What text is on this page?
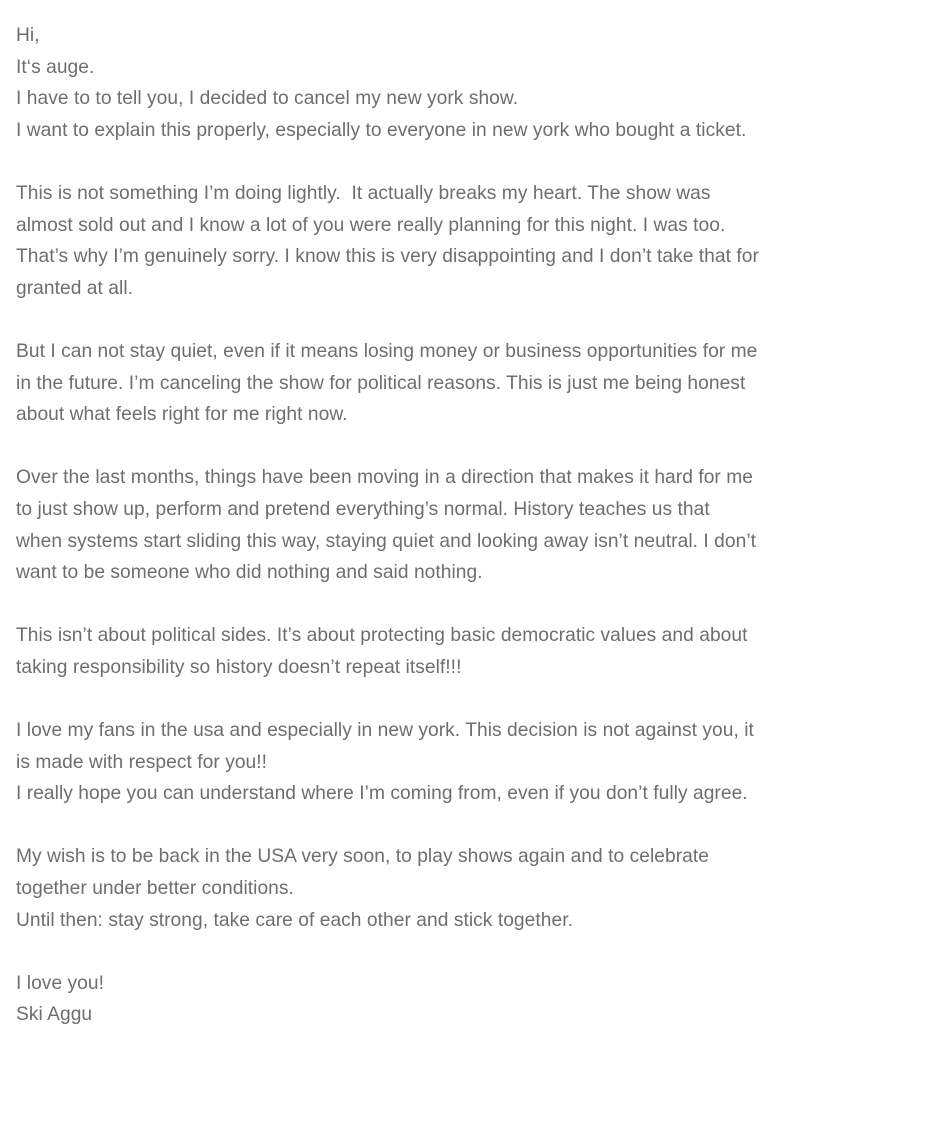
Hi,
It‘s auge.
I have to to tell you, I decided to cancel my new york show.
I want to explain this properly, especially to everyone in new york who bought a ticket.
This is not something I’m doing lightly.  It actually breaks my heart. The show was almost sold out and I know a lot of you were really planning for this night. I was too. That’s why I’m genuinely sorry. I know this is very disappointing and I don’t take that for granted at all.
But I can not stay quiet, even if it means losing money or business opportunities for me in the future. I’m canceling the show for political reasons. This is just me being honest about what feels right for me right now.
Over the last months, things have been moving in a direction that makes it hard for me to just show up, perform and pretend everything’s normal. History teaches us that when systems start sliding this way, staying quiet and looking away isn’t neutral. I don’t want to be someone who did nothing and said nothing.
This isn’t about political sides. It’s about protecting basic democratic values and about taking responsibility so history doesn’t repeat itself!!!
I love my fans in the usa and especially in new york. This decision is not against you, it is made with respect for you!!
I really hope you can understand where I’m coming from, even if you don’t fully agree.
My wish is to be back in the USA very soon, to play shows again and to celebrate together under better conditions.
Until then: stay strong, take care of each other and stick together.
I love you!
Ski Aggu
